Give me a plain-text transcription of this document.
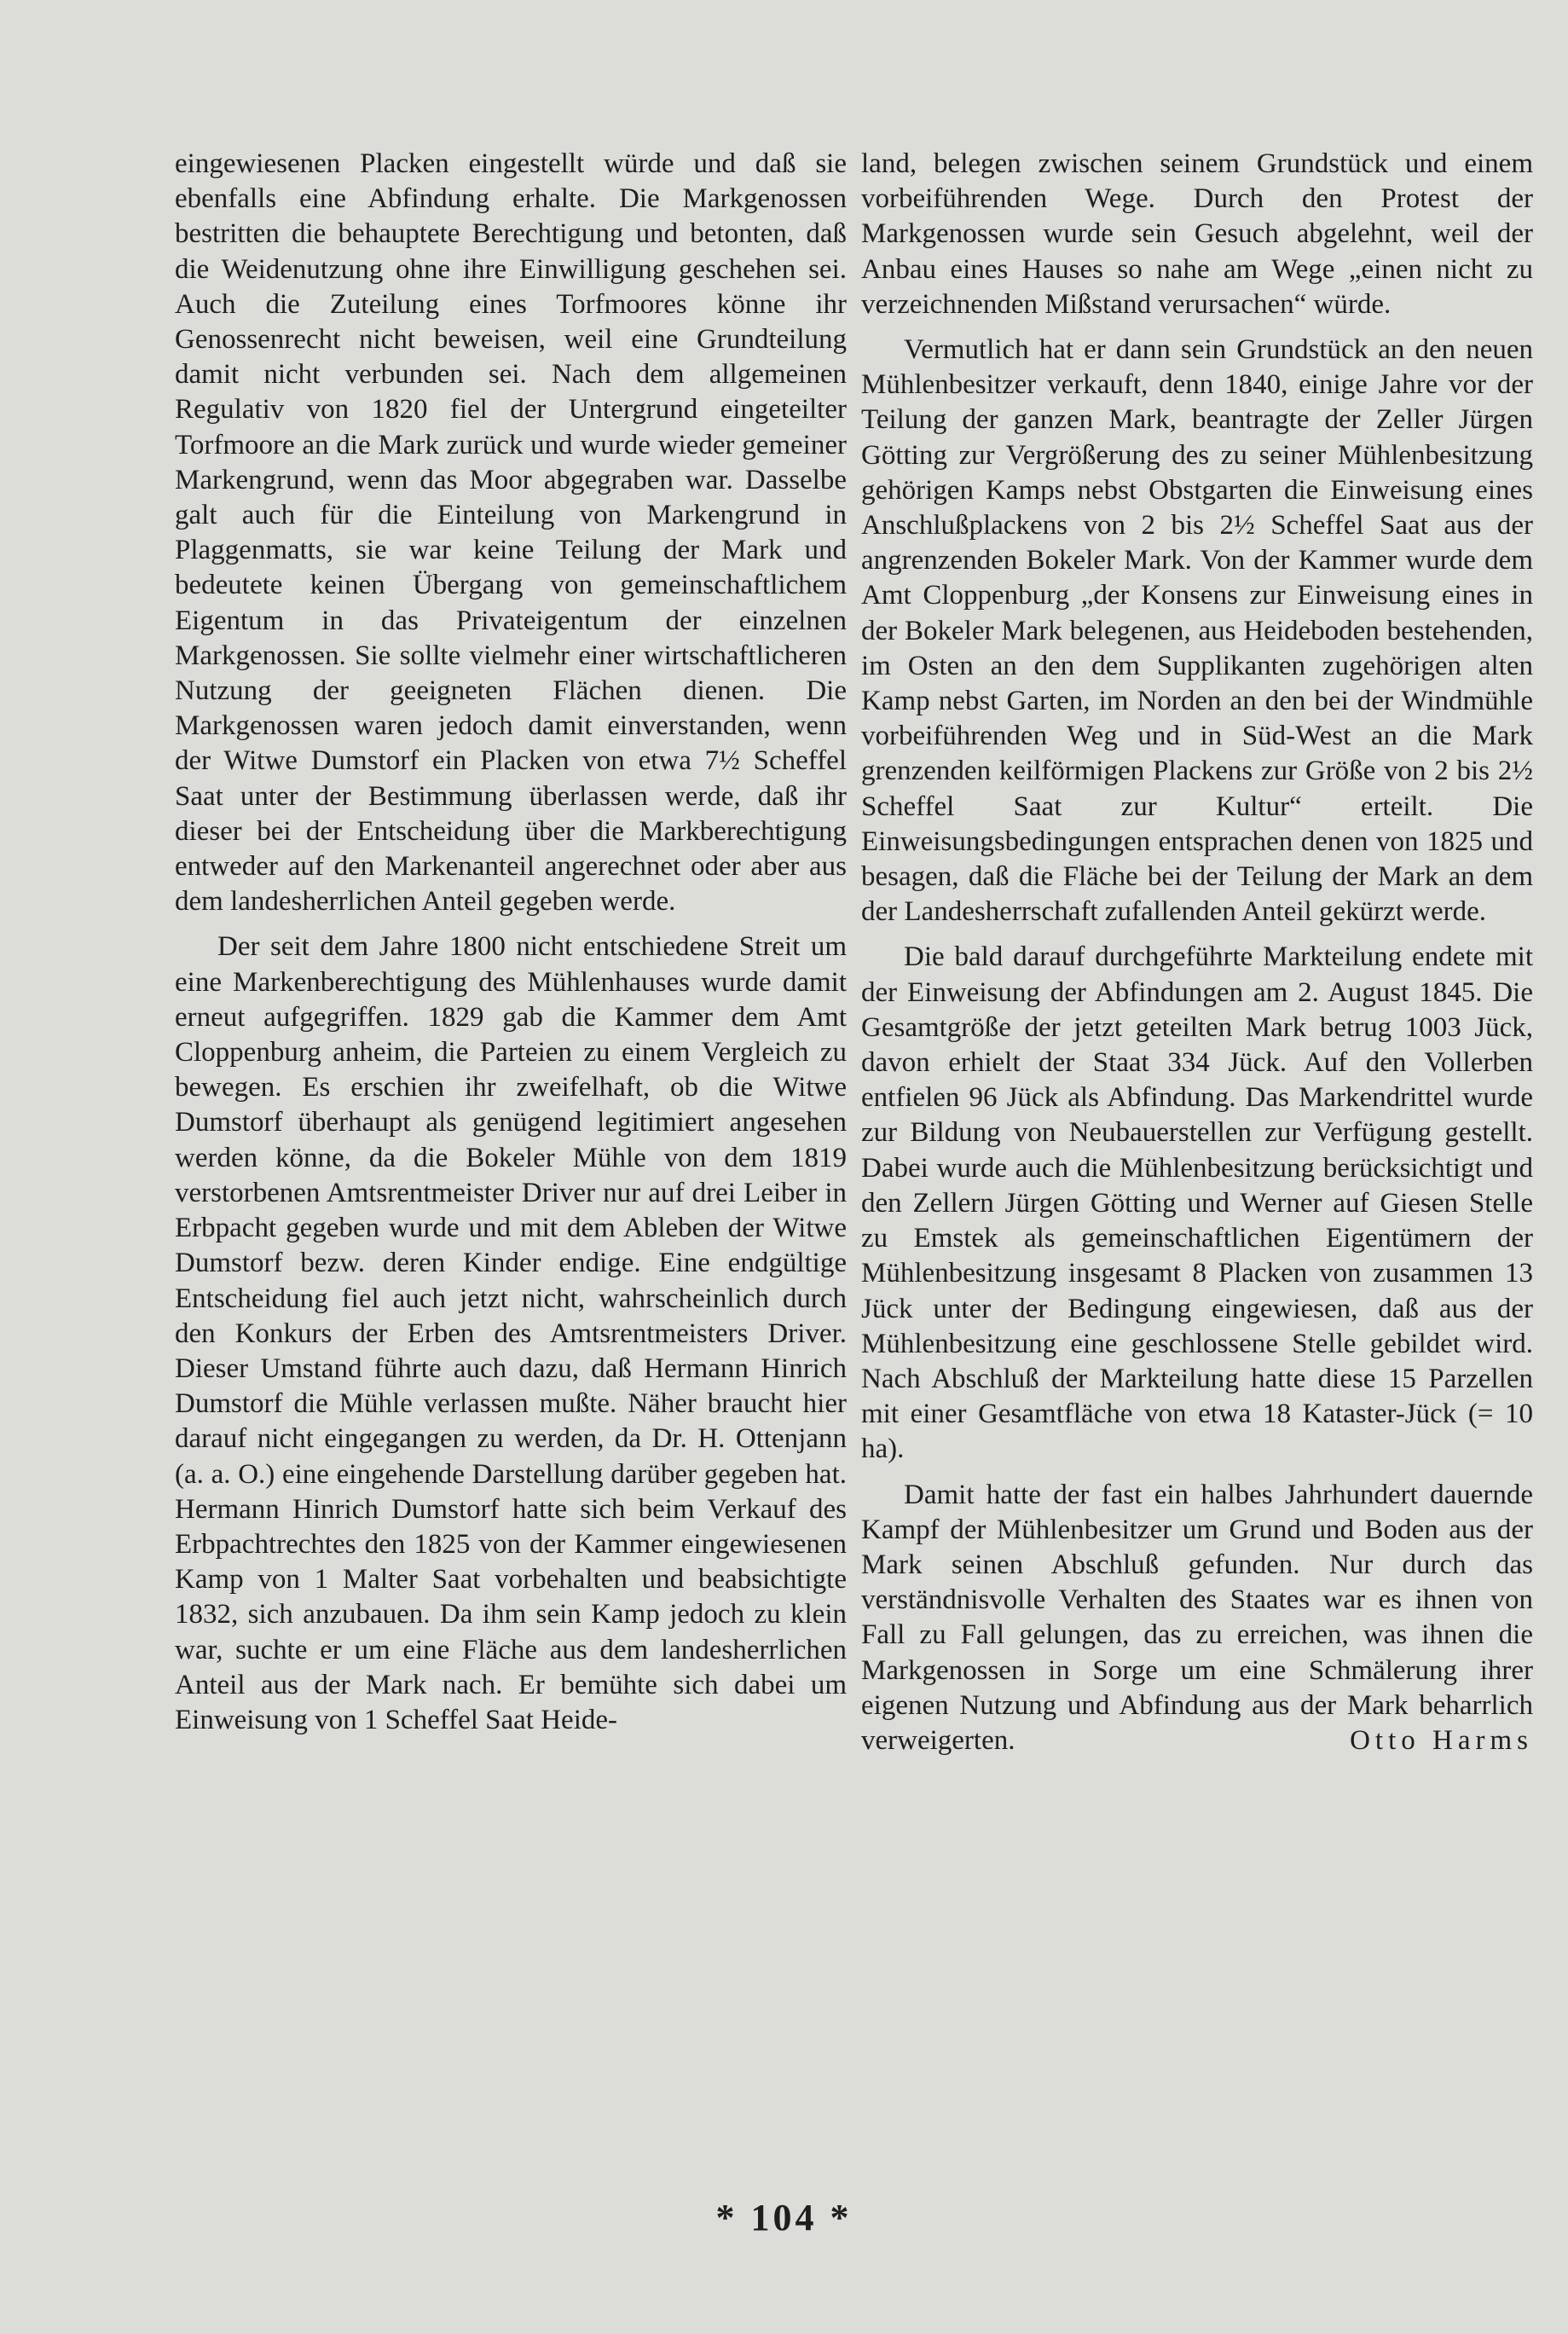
eingewiesenen Placken eingestellt würde und daß sie ebenfalls eine Abfindung erhalte. Die Markgenossen bestritten die behauptete Berechtigung und betonten, daß die Weidenutzung ohne ihre Einwilligung geschehen sei. Auch die Zuteilung eines Torfmoores könne ihr Genossenrecht nicht beweisen, weil eine Grundteilung damit nicht verbunden sei. Nach dem allgemeinen Regulativ von 1820 fiel der Untergrund eingeteilter Torfmoore an die Mark zurück und wurde wieder gemeiner Markengrund, wenn das Moor abgegraben war. Dasselbe galt auch für die Einteilung von Markengrund in Plaggenmatts, sie war keine Teilung der Mark und bedeutete keinen Übergang von gemeinschaftlichem Eigentum in das Privateigentum der einzelnen Markgenossen. Sie sollte vielmehr einer wirtschaftlicheren Nutzung der geeigneten Flächen dienen. Die Markgenossen waren jedoch damit einverstanden, wenn der Witwe Dumstorf ein Placken von etwa 7½ Scheffel Saat unter der Bestimmung überlassen werde, daß ihr dieser bei der Entscheidung über die Markberechtigung entweder auf den Markenanteil angerechnet oder aber aus dem landesherrlichen Anteil gegeben werde.

Der seit dem Jahre 1800 nicht entschiedene Streit um eine Markenberechtigung des Mühlenhauses wurde damit erneut aufgegriffen. 1829 gab die Kammer dem Amt Cloppenburg anheim, die Parteien zu einem Vergleich zu bewegen. Es erschien ihr zweifelhaft, ob die Witwe Dumstorf überhaupt als genügend legitimiert angesehen werden könne, da die Bokeler Mühle von dem 1819 verstorbenen Amtsrentmeister Driver nur auf drei Leiber in Erbpacht gegeben wurde und mit dem Ableben der Witwe Dumstorf bezw. deren Kinder endige. Eine endgültige Entscheidung fiel auch jetzt nicht, wahrscheinlich durch den Konkurs der Erben des Amtsrentmeisters Driver. Dieser Umstand führte auch dazu, daß Hermann Hinrich Dumstorf die Mühle verlassen mußte. Näher braucht hier darauf nicht eingegangen zu werden, da Dr. H. Ottenjann (a. a. O.) eine eingehende Darstellung darüber gegeben hat. Hermann Hinrich Dumstorf hatte sich beim Verkauf des Erbpachtrechtes den 1825 von der Kammer eingewiesenen Kamp von 1 Malter Saat vorbehalten und beabsichtigte 1832, sich anzubauen. Da ihm sein Kamp jedoch zu klein war, suchte er um eine Fläche aus dem landesherrlichen Anteil aus der Mark nach. Er bemühte sich dabei um Einweisung von 1 Scheffel Saat Heide-

land, belegen zwischen seinem Grundstück und einem vorbeiführenden Wege. Durch den Protest der Markgenossen wurde sein Gesuch abgelehnt, weil der Anbau eines Hauses so nahe am Wege „einen nicht zu verzeichnenden Mißstand verursachen“ würde.

Vermutlich hat er dann sein Grundstück an den neuen Mühlenbesitzer verkauft, denn 1840, einige Jahre vor der Teilung der ganzen Mark, beantragte der Zeller Jürgen Götting zur Vergrößerung des zu seiner Mühlenbesitzung gehörigen Kamps nebst Obstgarten die Einweisung eines Anschlußplackens von 2 bis 2½ Scheffel Saat aus der angrenzenden Bokeler Mark. Von der Kammer wurde dem Amt Cloppenburg „der Konsens zur Einweisung eines in der Bokeler Mark belegenen, aus Heideboden bestehenden, im Osten an den dem Supplikanten zugehörigen alten Kamp nebst Garten, im Norden an den bei der Windmühle vorbeiführenden Weg und in Süd-West an die Mark grenzenden keilförmigen Plackens zur Größe von 2 bis 2½ Scheffel Saat zur Kultur“ erteilt. Die Einweisungsbedingungen entsprachen denen von 1825 und besagen, daß die Fläche bei der Teilung der Mark an dem der Landesherrschaft zufallenden Anteil gekürzt werde.

Die bald darauf durchgeführte Markteilung endete mit der Einweisung der Abfindungen am 2. August 1845. Die Gesamtgröße der jetzt geteilten Mark betrug 1003 Jück, davon erhielt der Staat 334 Jück. Auf den Vollerben entfielen 96 Jück als Abfindung. Das Markendrittel wurde zur Bildung von Neubauerstellen zur Verfügung gestellt. Dabei wurde auch die Mühlenbesitzung berücksichtigt und den Zellern Jürgen Götting und Werner auf Giesen Stelle zu Emstek als gemeinschaftlichen Eigentümern der Mühlenbesitzung insgesamt 8 Placken von zusammen 13 Jück unter der Bedingung eingewiesen, daß aus der Mühlenbesitzung eine geschlossene Stelle gebildet wird. Nach Abschluß der Markteilung hatte diese 15 Parzellen mit einer Gesamtfläche von etwa 18 Kataster-Jück (= 10 ha).

Damit hatte der fast ein halbes Jahrhundert dauernde Kampf der Mühlenbesitzer um Grund und Boden aus der Mark seinen Abschluß gefunden. Nur durch das verständnisvolle Verhalten des Staates war es ihnen von Fall zu Fall gelungen, das zu erreichen, was ihnen die Markgenossen in Sorge um eine Schmälerung ihrer eigenen Nutzung und Abfindung aus der Mark beharrlich verweigerten.	Otto Harms

* 104 *
